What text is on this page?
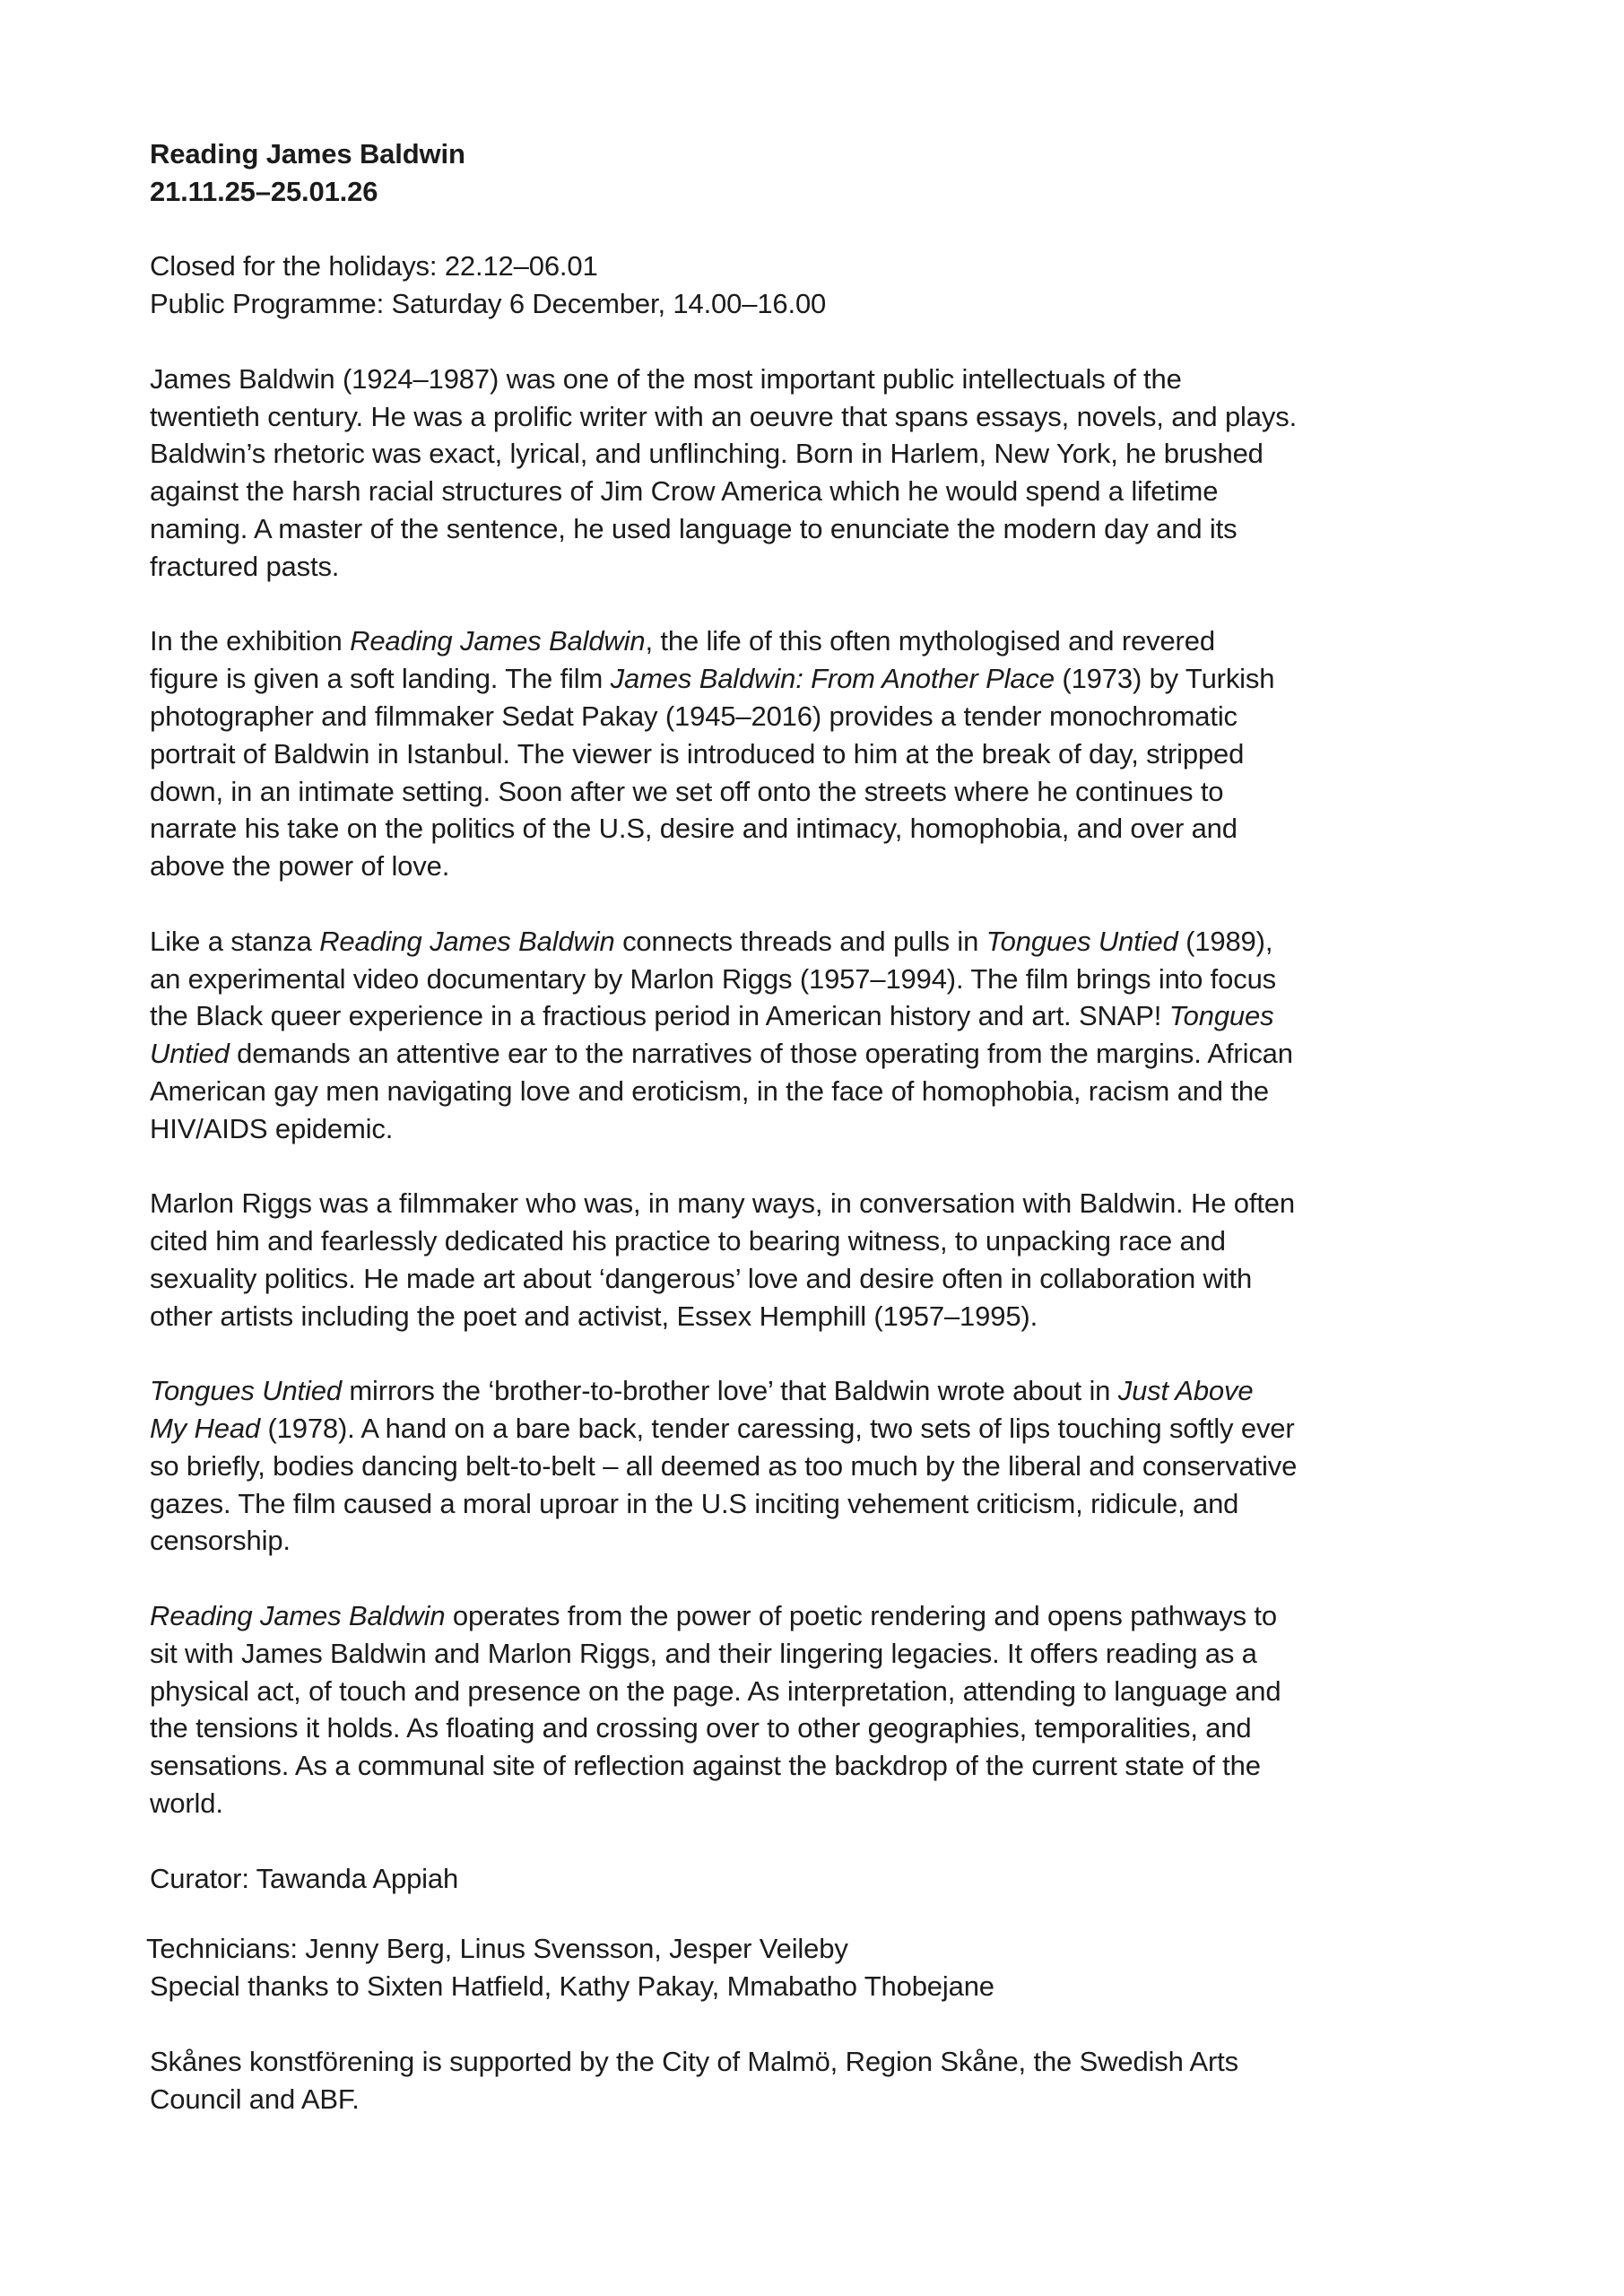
Reading James Baldwin
21.11.25–25.01.26
Closed for the holidays: 22.12–06.01
Public Programme: Saturday 6 December, 14.00–16.00
James Baldwin (1924–1987) was one of the most important public intellectuals of the
twentieth century. He was a prolific writer with an oeuvre that spans essays, novels, and plays.
Baldwin’s rhetoric was exact, lyrical, and unflinching. Born in Harlem, New York, he brushed
against the harsh racial structures of Jim Crow America which he would spend a lifetime
naming. A master of the sentence, he used language to enunciate the modern day and its
fractured pasts.
In the exhibition Reading James Baldwin, the life of this often mythologised and revered
figure is given a soft landing. The film James Baldwin: From Another Place (1973) by Turkish
photographer and filmmaker Sedat Pakay (1945–2016) provides a tender monochromatic
portrait of Baldwin in Istanbul. The viewer is introduced to him at the break of day, stripped
down, in an intimate setting. Soon after we set off onto the streets where he continues to
narrate his take on the politics of the U.S, desire and intimacy, homophobia, and over and
above the power of love.
Like a stanza Reading James Baldwin connects threads and pulls in Tongues Untied (1989),
an experimental video documentary by Marlon Riggs (1957–1994). The film brings into focus
the Black queer experience in a fractious period in American history and art. SNAP! Tongues
Untied demands an attentive ear to the narratives of those operating from the margins. African
American gay men navigating love and eroticism, in the face of homophobia, racism and the
HIV/AIDS epidemic.
Marlon Riggs was a filmmaker who was, in many ways, in conversation with Baldwin. He often
cited him and fearlessly dedicated his practice to bearing witness, to unpacking race and
sexuality politics. He made art about ‘dangerous’ love and desire often in collaboration with
other artists including the poet and activist, Essex Hemphill (1957–1995).
Tongues Untied mirrors the ‘brother-to-brother love’ that Baldwin wrote about in Just Above
My Head (1978). A hand on a bare back, tender caressing, two sets of lips touching softly ever
so briefly, bodies dancing belt-to-belt – all deemed as too much by the liberal and conservative
gazes. The film caused a moral uproar in the U.S inciting vehement criticism, ridicule, and
censorship.
Reading James Baldwin operates from the power of poetic rendering and opens pathways to
sit with James Baldwin and Marlon Riggs, and their lingering legacies. It offers reading as a
physical act, of touch and presence on the page. As interpretation, attending to language and
the tensions it holds. As floating and crossing over to other geographies, temporalities, and
sensations. As a communal site of reflection against the backdrop of the current state of the
world.
Curator: Tawanda Appiah
Technicians: Jenny Berg, Linus Svensson, Jesper Veileby
Special thanks to Sixten Hatfield, Kathy Pakay, Mmabatho Thobejane
Skånes konstförening is supported by the City of Malmö, Region Skåne, the Swedish Arts
Council and ABF.
